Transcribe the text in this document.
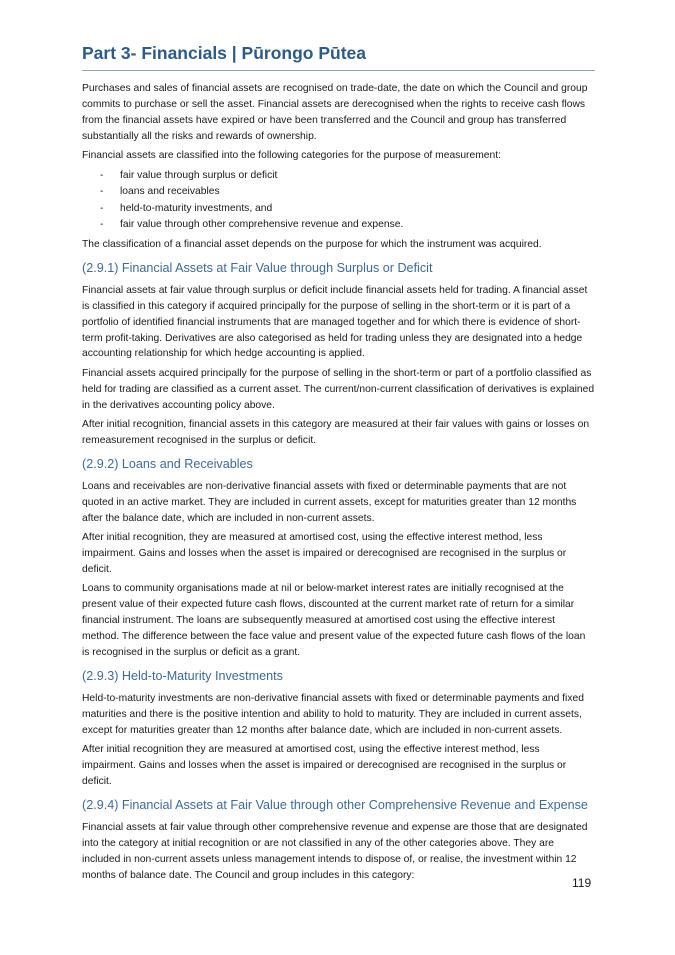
Part 3- Financials | Pūrongo Pūtea

Purchases and sales of financial assets are recognised on trade-date, the date on which the Council and group commits to purchase or sell the asset. Financial assets are derecognised when the rights to receive cash flows from the financial assets have expired or have been transferred and the Council and group has transferred substantially all the risks and rewards of ownership.

Financial assets are classified into the following categories for the purpose of measurement:

- fair value through surplus or deficit
- loans and receivables
- held-to-maturity investments, and
- fair value through other comprehensive revenue and expense.

The classification of a financial asset depends on the purpose for which the instrument was acquired.

(2.9.1) Financial Assets at Fair Value through Surplus or Deficit

Financial assets at fair value through surplus or deficit include financial assets held for trading. A financial asset is classified in this category if acquired principally for the purpose of selling in the short-term or it is part of a portfolio of identified financial instruments that are managed together and for which there is evidence of short-term profit-taking. Derivatives are also categorised as held for trading unless they are designated into a hedge accounting relationship for which hedge accounting is applied.

Financial assets acquired principally for the purpose of selling in the short-term or part of a portfolio classified as held for trading are classified as a current asset. The current/non-current classification of derivatives is explained in the derivatives accounting policy above.

After initial recognition, financial assets in this category are measured at their fair values with gains or losses on remeasurement recognised in the surplus or deficit.

(2.9.2) Loans and Receivables

Loans and receivables are non-derivative financial assets with fixed or determinable payments that are not quoted in an active market. They are included in current assets, except for maturities greater than 12 months after the balance date, which are included in non-current assets.

After initial recognition, they are measured at amortised cost, using the effective interest method, less impairment. Gains and losses when the asset is impaired or derecognised are recognised in the surplus or deficit.

Loans to community organisations made at nil or below-market interest rates are initially recognised at the present value of their expected future cash flows, discounted at the current market rate of return for a similar financial instrument. The loans are subsequently measured at amortised cost using the effective interest method. The difference between the face value and present value of the expected future cash flows of the loan is recognised in the surplus or deficit as a grant.

(2.9.3) Held-to-Maturity Investments

Held-to-maturity investments are non-derivative financial assets with fixed or determinable payments and fixed maturities and there is the positive intention and ability to hold to maturity. They are included in current assets, except for maturities greater than 12 months after balance date, which are included in non-current assets.

After initial recognition they are measured at amortised cost, using the effective interest method, less impairment. Gains and losses when the asset is impaired or derecognised are recognised in the surplus or deficit.

(2.9.4) Financial Assets at Fair Value through other Comprehensive Revenue and Expense

Financial assets at fair value through other comprehensive revenue and expense are those that are designated into the category at initial recognition or are not classified in any of the other categories above. They are included in non-current assets unless management intends to dispose of, or realise, the investment within 12 months of balance date. The Council and group includes in this category:

119
